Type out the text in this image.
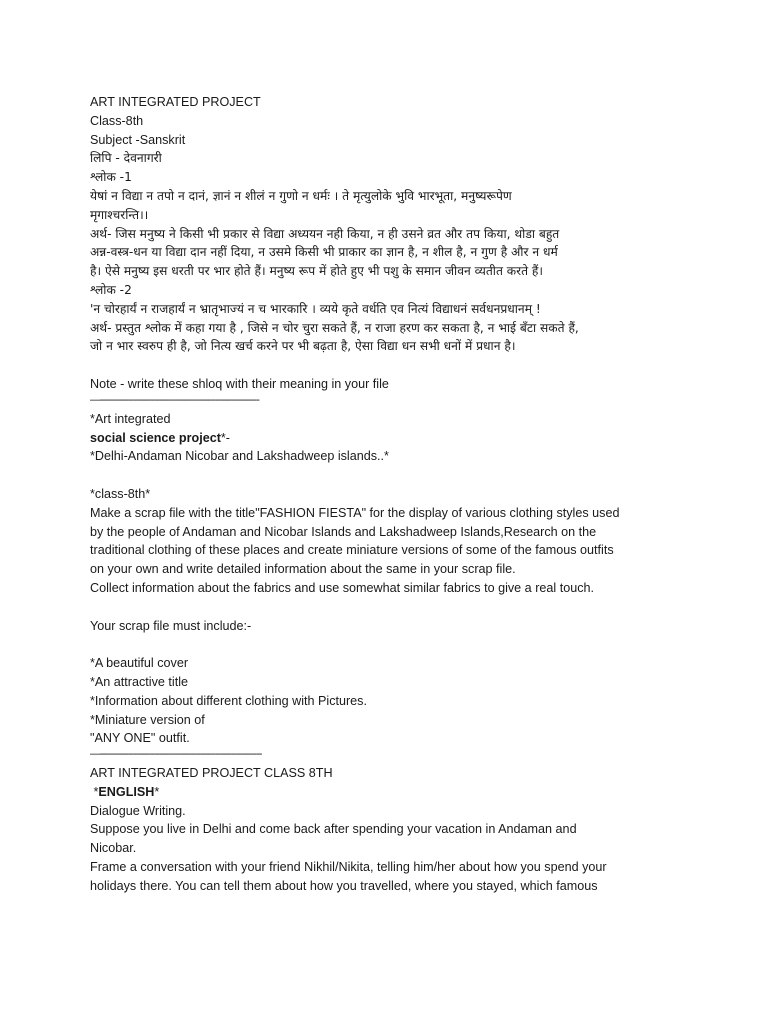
ART INTEGRATED PROJECT
Class-8th
Subject -Sanskrit
लिपि - देवनागरी
श्लोक -1
येषां न विद्या न तपो न दानं, ज्ञानं न शीलं न गुणो न धर्मः । ते मृत्युलोके भुवि भारभूता, मनुष्यरूपेण
मृगाश्चरन्ति।।
अर्थ- जिस मनुष्य ने किसी भी प्रकार से विद्या अध्ययन नही किया, न ही उसने व्रत और तप किया, थोडा बहुत
अन्न-वस्त्र-धन या विद्या दान नहीं दिया, न उसमे किसी भी प्राकार का ज्ञान है, न शील है, न गुण है और न धर्म
है। ऐसे मनुष्य इस धरती पर भार होते हैं। मनुष्य रूप में होते हुए भी पशु के समान जीवन व्यतीत करते हैं।
श्लोक -2
'न चोरहार्यं न राजहार्यं न भ्रातृभाज्यं न च भारकारि । व्यये कृते वर्धति एव नित्यं विद्याधनं सर्वधनप्रधानम् !
अर्थ- प्रस्तुत श्लोक में कहा गया है , जिसे न चोर चुरा सकते हैं, न राजा हरण कर सकता है, न भाई बँटा सकते हैं,
जो न भार स्वरुप ही है, जो नित्य खर्च करने पर भी बढ़ता है, ऐसा विद्या धन सभी धनों में प्रधान है।
Note - write these shloq with their meaning in your file
—--------------------------------------------------------------
*Art integrated
social science project*-
*Delhi-Andaman Nicobar and Lakshadweep islands..*
*class-8th*
Make a scrap file with the title"FASHION FIESTA" for the display of various clothing styles used
by the people of Andaman and Nicobar Islands and Lakshadweep Islands,Research on the
traditional clothing of these places and create miniature versions of some of the famous outfits
on your own and write detailed information about the same in your scrap file.
Collect information about the fabrics and use somewhat similar fabrics to give a real touch.
Your scrap file must include:-
*A beautiful cover
*An attractive title
*Information about different clothing with Pictures.
*Miniature version of
"ANY ONE" outfit.
—---------------------------------------------------------------
ART INTEGRATED PROJECT CLASS 8TH
*ENGLISH*
Dialogue Writing.
Suppose you live in Delhi and come back after spending your vacation in Andaman and
Nicobar.
Frame a conversation with your friend Nikhil/Nikita, telling him/her about how you spend your
holidays there. You can tell them about how you travelled, where you stayed, which famous
